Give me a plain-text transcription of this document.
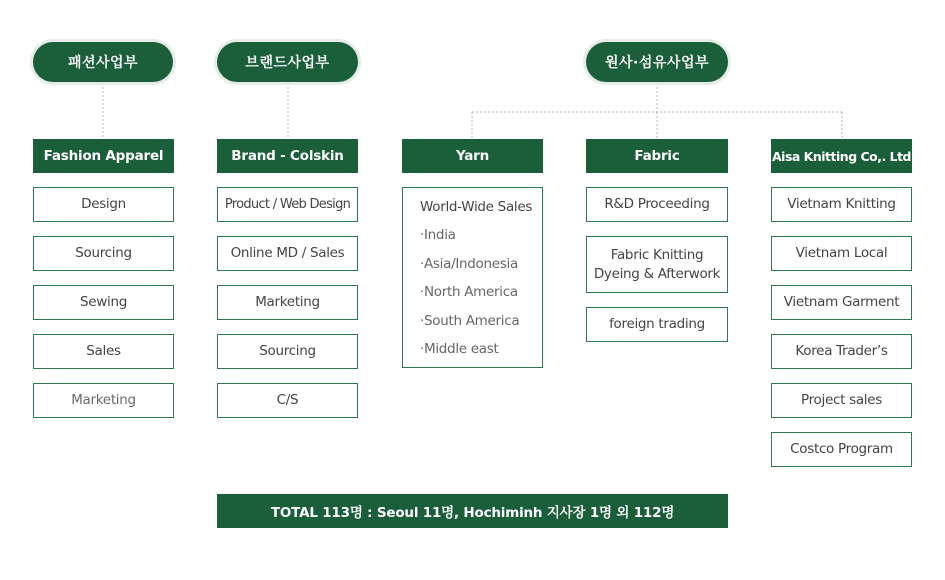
패션사업부	브랜드사업부	원사·섬유사업부
Fashion Apparel	Brand - Colskin	Yarn	Fabric	Aisa Knitting Co,. Ltd
Design
Sourcing
Sewing
Sales
Marketing
Product / Web Design
Online MD / Sales
Marketing
Sourcing
C/S
World-Wide Sales
·India
·Asia/Indonesia
·North America
·South America
·Middle east
R&D Proceeding
Fabric Knitting
Dyeing & Afterwork
foreign trading
Vietnam Knitting
Vietnam Local
Vietnam Garment
Korea Trader’s
Project sales
Costco Program
TOTAL 113명 : Seoul 11명, Hochiminh 지사장 1명 외 112명
